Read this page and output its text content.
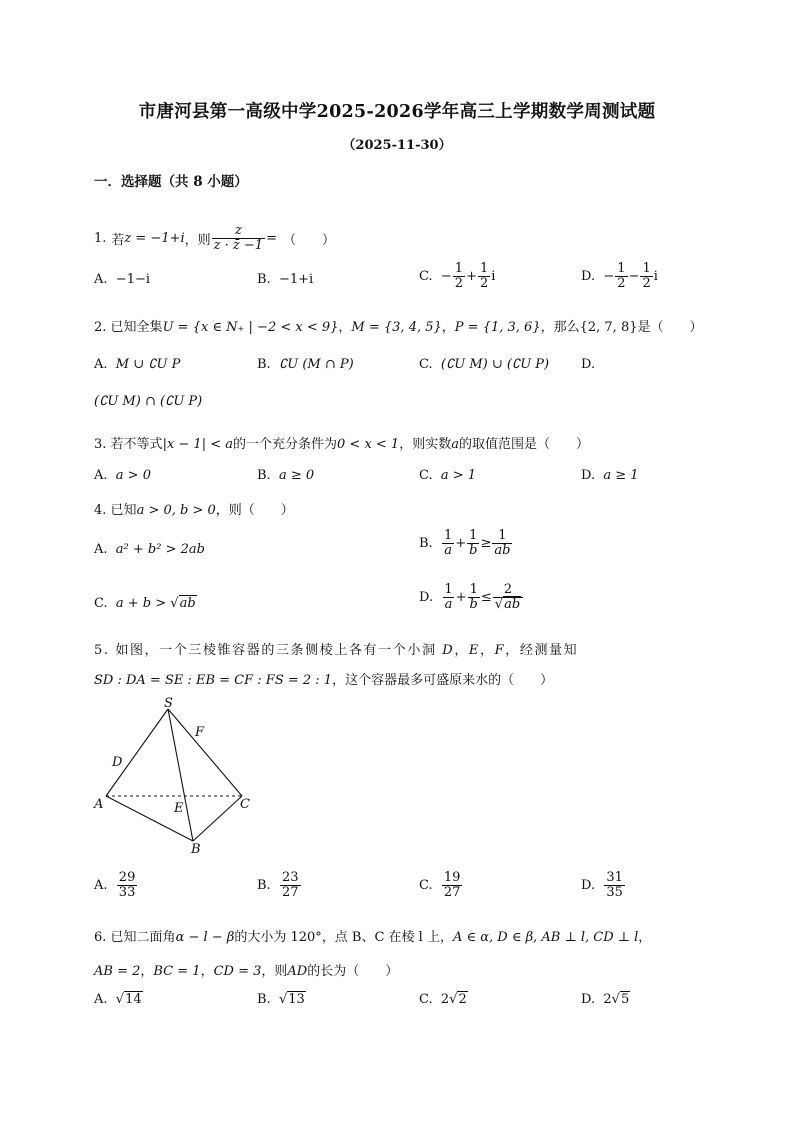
市唐河县第一高级中学2025-2026学年高三上学期数学周测试题
（2025-11-30）
一．选择题（共 8 小题）
1. 若 z = −1+i ，则 $\frac{z}{z \cdot z̄ -1}$ = （　　）
A. −1−i	B. −1+i	C.
− $\frac{1}{2} + \frac{1}{2}$ i	D.
− $\frac{1}{2} - \frac{1}{2}$ i
2. 已知全集U = {x ∈ N₊ | −2 < x < 9}，M = {3, 4, 5}，P = {1, 3, 6}，那么{2, 7, 8}是（　　）
A. M ∪ ∁U P	B. ∁U (M ∩ P)	C. (∁U M) ∪ (∁U P) D.
(∁U M) ∩ (∁U P)
3. 若不等式|x − 1| < a的一个充分条件为0 < x < 1，则实数a的取值范围是（　　）
A. a > 0	B. a ≥ 0	C. a > 1	D. a ≥ 1
4. 已知a > 0, b > 0，则（　　）
A. a² + b² > 2ab	B.
$\frac{1}{a} + \frac{1}{b} \ge \frac{1}{ab}$
C. a + b > √ab	D.
$\frac{1}{a} + \frac{1}{b} \le \frac{2}{√ab}$
5. 如图，一个三棱锥容器的三条侧棱上各有一个小洞 D，E，F，经测量知
SD : DA = SE : EB = CF : FS = 2 : 1，这个容器最多可盛原来水的（　　）
S
F
D
A	E	C
B
A.
$\frac{29}{33}$	B.
$\frac{23}{27}$	C.
$\frac{19}{27}$	D.
$\frac{31}{35}$
6. 已知二面角α − l − β的大小为 120°，点 B、C 在棱 l 上，A ∈ α, D ∈ β, AB ⊥ l, CD ⊥ l，
AB = 2，BC = 1，CD = 3，则AD的长为（　　）
A. √14	B. √13	C. 2√2	D. 2√5
